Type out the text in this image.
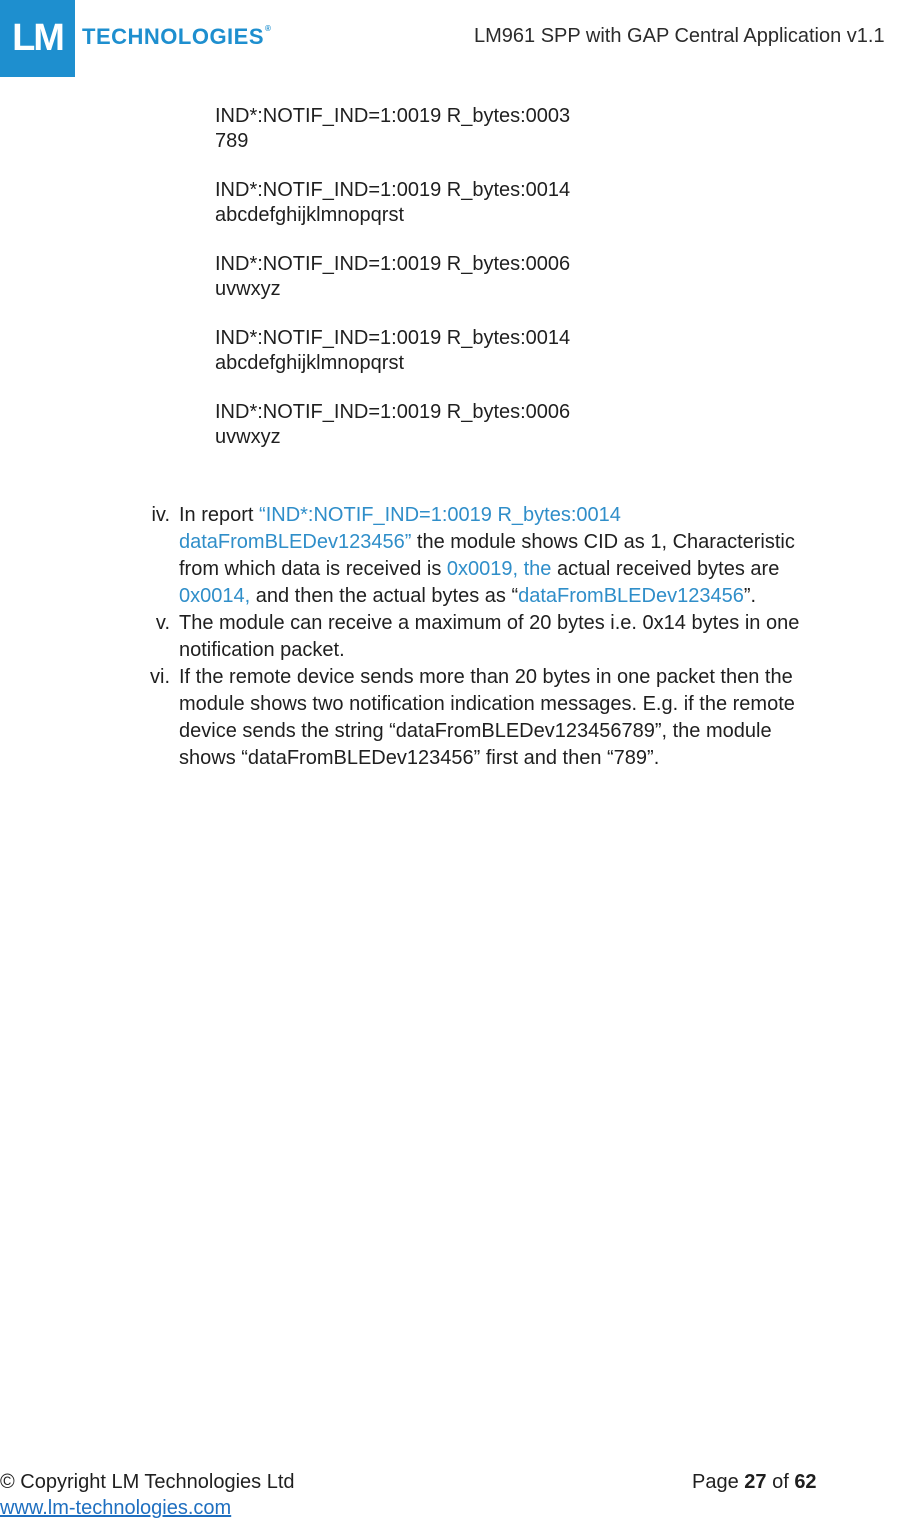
LM TECHNOLOGIES®	LM961 SPP with GAP Central Application v1.1
IND*:NOTIF_IND=1:0019 R_bytes:0003
789
IND*:NOTIF_IND=1:0019 R_bytes:0014
abcdefghijklmnopqrst
IND*:NOTIF_IND=1:0019 R_bytes:0006
uvwxyz
IND*:NOTIF_IND=1:0019 R_bytes:0014
abcdefghijklmnopqrst
IND*:NOTIF_IND=1:0019 R_bytes:0006
uvwxyz
iv. In report “IND*:NOTIF_IND=1:0019 R_bytes:0014 dataFromBLEDev123456” the module shows CID as 1, Characteristic from which data is received is 0x0019, the actual received bytes are 0x0014, and then the actual bytes as “dataFromBLEDev123456”.
v. The module can receive a maximum of 20 bytes i.e. 0x14 bytes in one notification packet.
vi. If the remote device sends more than 20 bytes in one packet then the module shows two notification indication messages. E.g. if the remote device sends the string “dataFromBLEDev123456789”, the module shows “dataFromBLEDev123456” first and then “789”.
© Copyright LM Technologies Ltd
www.lm-technologies.com
Page 27 of 62
